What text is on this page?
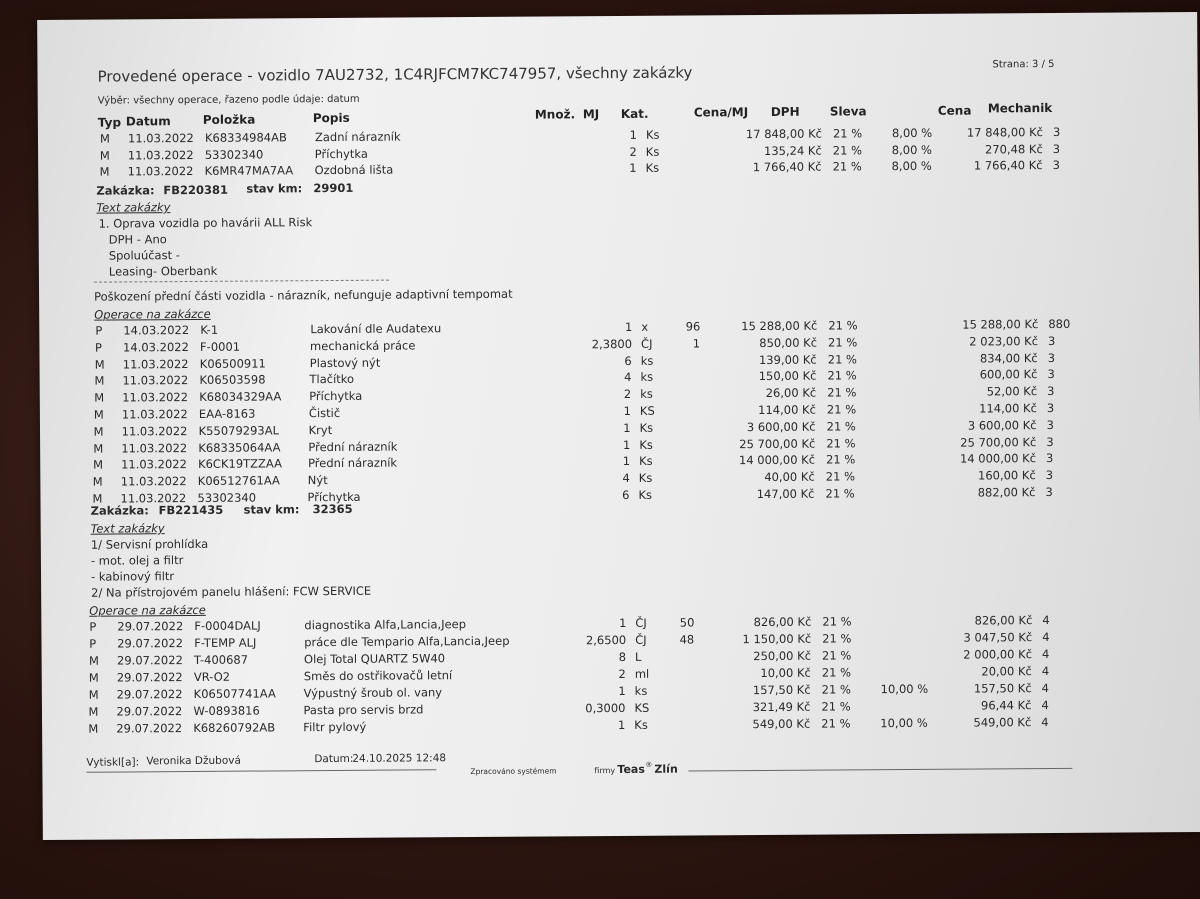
Provedené operace - vozidlo 7AU2732, 1C4RJFCM7KC747957, všechny zakázky	Strana: 3 / 5
Výběr: všechny operace, řazeno podle údaje: datum
Typ Datum	Položka	Popis	Množ. MJ Kat.	Cena/MJ DPH	Sleva	Cena Mechanik
M 11.03.2022 K68334984AB Zadní nárazník	1 Ks	17 848,00 Kč 21 %	8,00 %	17 848,00 Kč 3
M 11.03.2022 53302340	Příchytka	2 Ks	135,24 Kč 21 %	8,00 %	270,48 Kč 3
M 11.03.2022 K6MR47MA7AA Ozdobná lišta	1 Ks	1 766,40 Kč 21 %	8,00 %	1 766,40 Kč 3
Zakázka: FB220381 stav km: 29901
Text zakázky
1. Oprava vozidla po havárii ALL Risk
DPH - Ano
Spoluúčast -
Leasing- Oberbank
Poškození přední části vozidla - nárazník, nefunguje adaptivní tempomat
Operace na zakázce
P 14.03.2022 K-1	Lakování dle Audatexu	1 x	96	15 288,00 Kč 21 %	15 288,00 Kč 880
P 14.03.2022 F-0001	mechanická práce	2,3800 ČJ	1	850,00 Kč 21 %	2 023,00 Kč 3
M 11.03.2022 K06500911	Plastový nýt	6 ks	139,00 Kč 21 %	834,00 Kč 3
M 11.03.2022 K06503598	Tlačítko	4 ks	150,00 Kč 21 %	600,00 Kč 3
M 11.03.2022 K68034329AA Příchytka	2 ks	26,00 Kč 21 %	52,00 Kč 3
M 11.03.2022 EAA-8163	Čistič	1 KS	114,00 Kč 21 %	114,00 Kč 3
M 11.03.2022 K55079293AL	Kryt	1 Ks	3 600,00 Kč 21 %	3 600,00 Kč 3
M 11.03.2022 K68335064AA Přední nárazník	1 Ks	25 700,00 Kč 21 %	25 700,00 Kč 3
M 11.03.2022 K6CK19TZZAA Přední nárazník	1 Ks	14 000,00 Kč 21 %	14 000,00 Kč 3
M 11.03.2022 K06512761AA Nýt	4 Ks	40,00 Kč 21 %	160,00 Kč 3
M 11.03.2022 53302340	Příchytka	6 Ks	147,00 Kč 21 %	882,00 Kč 3
Zakázka: FB221435 stav km: 32365
Text zakázky
1/ Servisní prohlídka
- mot. olej a filtr
- kabinový filtr
2/ Na přístrojovém panelu hlášení: FCW SERVICE
Operace na zakázce
P 29.07.2022 F-0004DALJ	diagnostika Alfa,Lancia,Jeep	1 ČJ	50	826,00 Kč 21 %	826,00 Kč 4
P 29.07.2022 F-TEMP ALJ	práce dle Tempario Alfa,Lancia,Jeep	2,6500 ČJ	48	1 150,00 Kč 21 %	3 047,50 Kč 4
M 29.07.2022 T-400687	Olej Total QUARTZ 5W40	8 L	250,00 Kč 21 %	2 000,00 Kč 4
M 29.07.2022 VR-O2	Směs do ostřikovačů letní	2 ml	10,00 Kč 21 %	20,00 Kč 4
M 29.07.2022 K06507741AA Výpustný šroub ol. vany	1 ks	157,50 Kč 21 %	10,00 %	157,50 Kč 4
M 29.07.2022 W-0893816	Pasta pro servis brzd	0,3000 KS	321,49 Kč 21 %	96,44 Kč 4
M 29.07.2022 K68260792AB Filtr pylový	1 Ks	549,00 Kč 21 %	10,00 %	549,00 Kč 4
Vytiskl[a]: Veronika Džubová	Datum:
24.10.2025 12:48
Zpracováno systémem	firmy Teas ® Zlín
